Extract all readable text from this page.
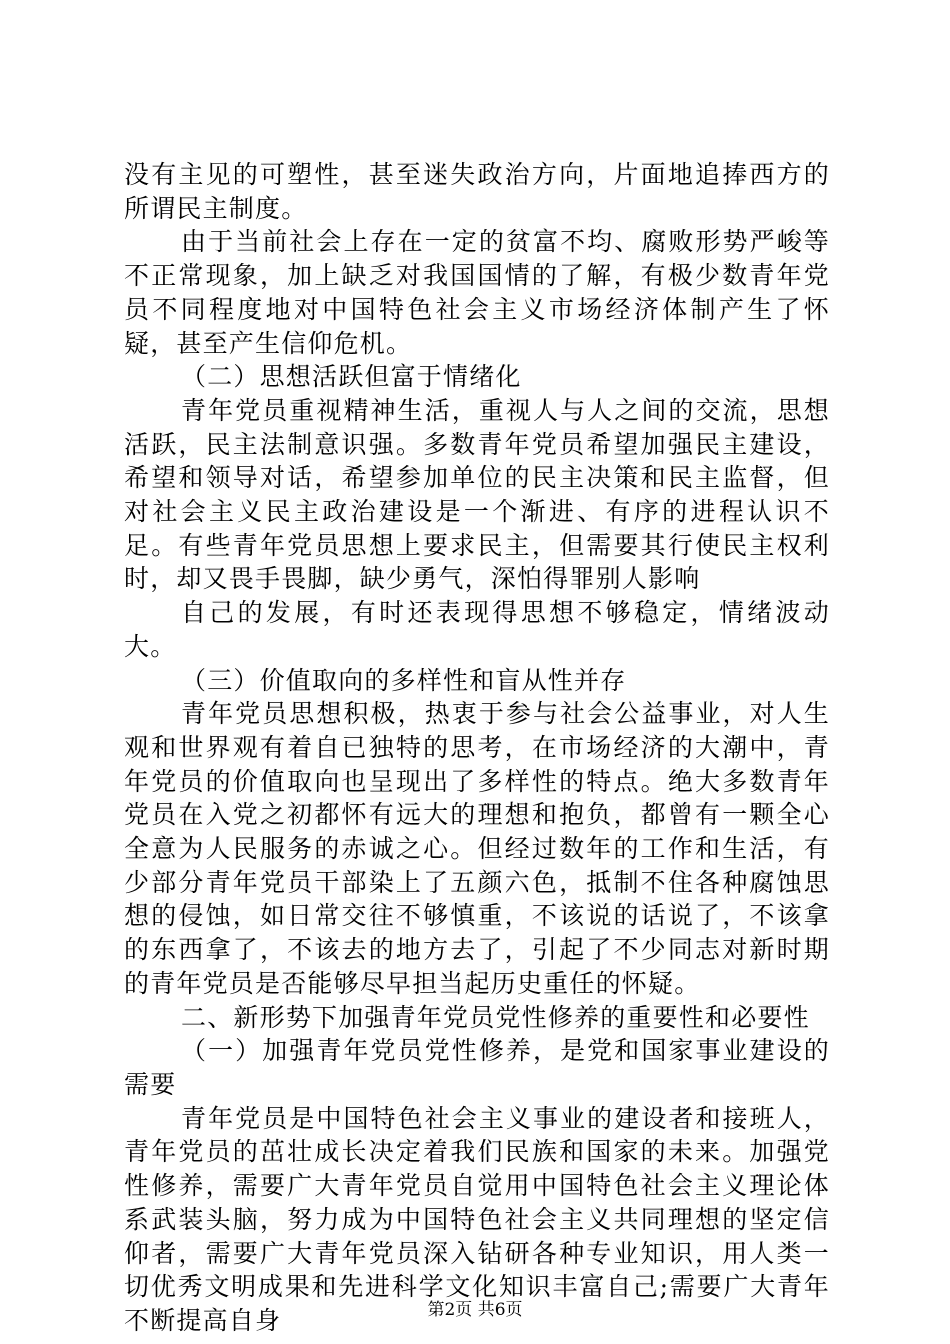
没有主见的可塑性，甚至迷失政治方向，片面地追捧西方的所谓民主制度。

由于当前社会上存在一定的贫富不均、腐败形势严峻等不正常现象，加上缺乏对我国国情的了解，有极少数青年党员不同程度地对中国特色社会主义市场经济体制产生了怀疑，甚至产生信仰危机。

（二）思想活跃但富于情绪化

青年党员重视精神生活，重视人与人之间的交流，思想活跃，民主法制意识强。多数青年党员希望加强民主建设，希望和领导对话，希望参加单位的民主决策和民主监督，但对社会主义民主政治建设是一个渐进、有序的进程认识不足。有些青年党员思想上要求民主，但需要其行使民主权利时，却又畏手畏脚，缺少勇气，深怕得罪别人影响

自己的发展，有时还表现得思想不够稳定，情绪波动大。

（三）价值取向的多样性和盲从性并存

青年党员思想积极，热衷于参与社会公益事业，对人生观和世界观有着自已独特的思考，在市场经济的大潮中，青年党员的价值取向也呈现出了多样性的特点。绝大多数青年党员在入党之初都怀有远大的理想和抱负，都曾有一颗全心全意为人民服务的赤诚之心。但经过数年的工作和生活，有少部分青年党员干部染上了五颜六色，抵制不住各种腐蚀思想的侵蚀，如日常交往不够慎重，不该说的话说了，不该拿的东西拿了，不该去的地方去了，引起了不少同志对新时期的青年党员是否能够尽早担当起历史重任的怀疑。

二、新形势下加强青年党员党性修养的重要性和必要性

（一）加强青年党员党性修养，是党和国家事业建设的需要

青年党员是中国特色社会主义事业的建设者和接班人，青年党员的茁壮成长决定着我们民族和国家的未来。加强党性修养，需要广大青年党员自觉用中国特色社会主义理论体系武装头脑，努力成为中国特色社会主义共同理想的坚定信仰者，需要广大青年党员深入钻研各种专业知识，用人类一切优秀文明成果和先进科学文化知识丰富自己;需要广大青年不断提高自身	第2页 共6页
